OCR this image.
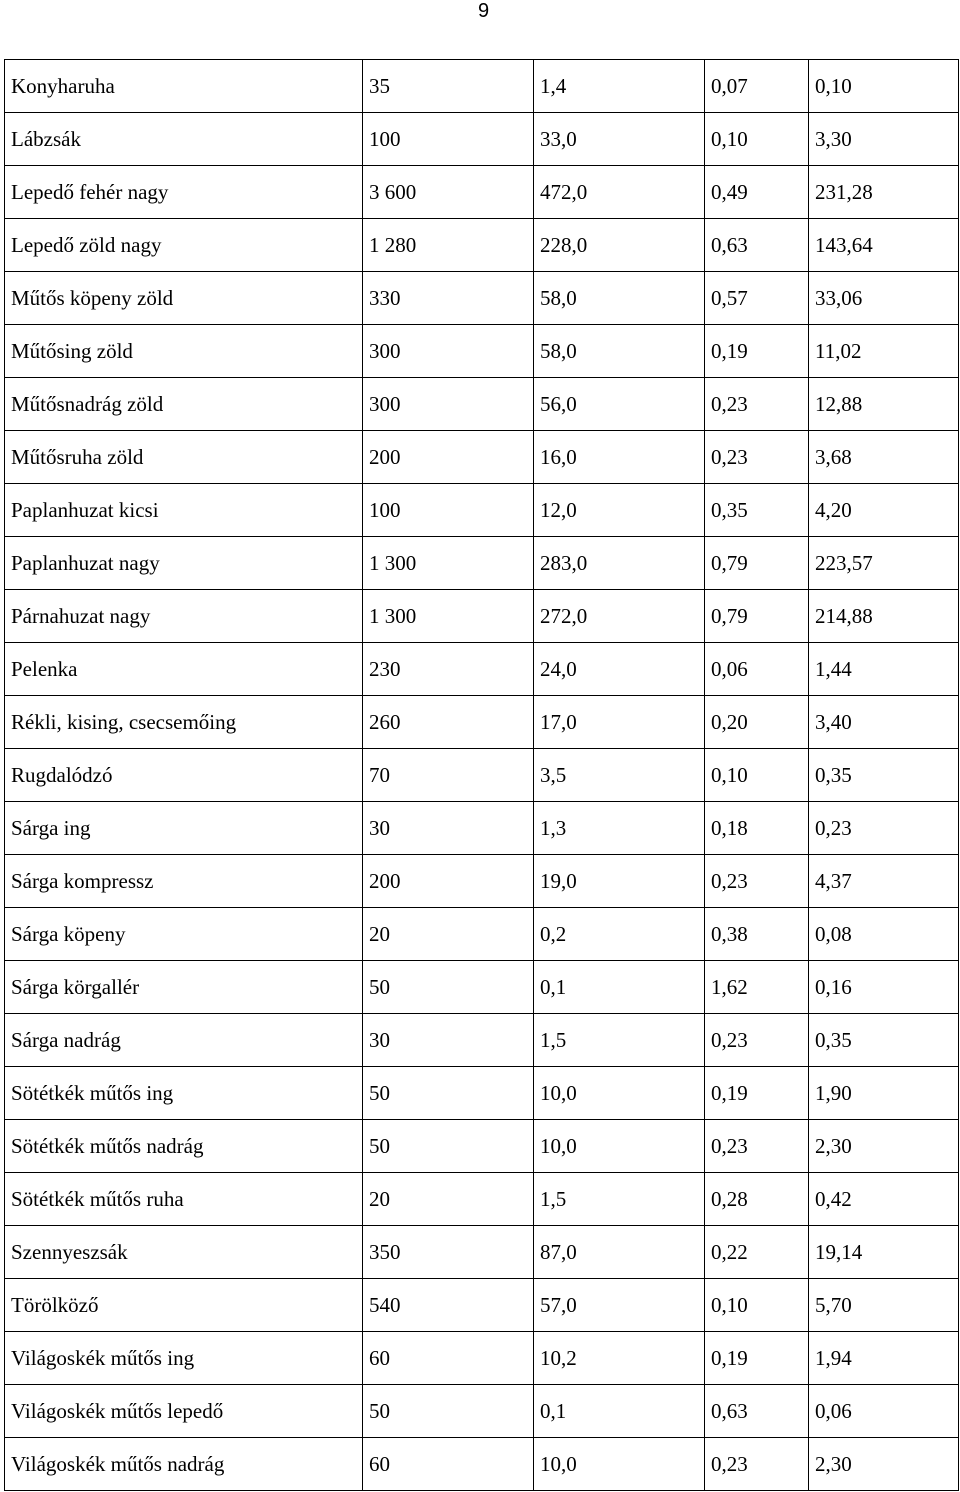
9
Konyharuha	35	1,4	0,07	0,10
Lábzsák	100	33,0	0,10	3,30
Lepedő fehér nagy	3 600	472,0	0,49	231,28
Lepedő zöld nagy	1 280	228,0	0,63	143,64
Műtős köpeny zöld	330	58,0	0,57	33,06
Műtősing zöld	300	58,0	0,19	11,02
Műtősnadrág zöld	300	56,0	0,23	12,88
Műtősruha zöld	200	16,0	0,23	3,68
Paplanhuzat kicsi	100	12,0	0,35	4,20
Paplanhuzat nagy	1 300	283,0	0,79	223,57
Párnahuzat nagy	1 300	272,0	0,79	214,88
Pelenka	230	24,0	0,06	1,44
Rékli, kising, csecsemőing	260	17,0	0,20	3,40
Rugdalódzó	70	3,5	0,10	0,35
Sárga ing	30	1,3	0,18	0,23
Sárga kompressz	200	19,0	0,23	4,37
Sárga köpeny	20	0,2	0,38	0,08
Sárga körgallér	50	0,1	1,62	0,16
Sárga nadrág	30	1,5	0,23	0,35
Sötétkék műtős ing	50	10,0	0,19	1,90
Sötétkék műtős nadrág	50	10,0	0,23	2,30
Sötétkék műtős ruha	20	1,5	0,28	0,42
Szennyeszsák	350	87,0	0,22	19,14
Törölköző	540	57,0	0,10	5,70
Világoskék műtős ing	60	10,2	0,19	1,94
Világoskék műtős lepedő	50	0,1	0,63	0,06
Világoskék műtős nadrág	60	10,0	0,23	2,30
